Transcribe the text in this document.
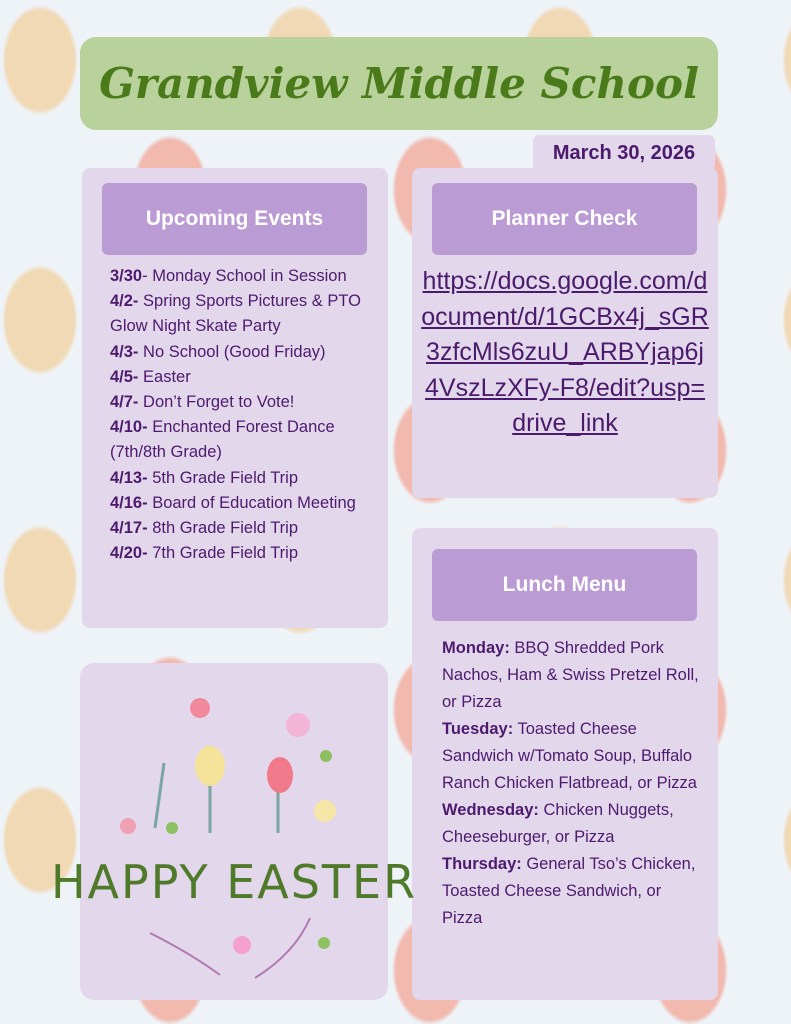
Grandview Middle School
March 30, 2026
Upcoming Events
3/30- Monday School in Session
4/2- Spring Sports Pictures & PTO Glow Night Skate Party
4/3- No School (Good Friday)
4/5- Easter
4/7- Don’t Forget to Vote!
4/10- Enchanted Forest Dance (7th/8th Grade)
4/13- 5th Grade Field Trip
4/16- Board of Education Meeting
4/17- 8th Grade Field Trip
4/20- 7th Grade Field Trip
Planner Check
https://docs.google.com/document/d/1GCBx4j_sGR3zfcMls6zuU_ARBYjap6j4VszLzXFy-F8/edit?usp=drive_link
Lunch Menu
Monday: BBQ Shredded Pork Nachos, Ham & Swiss Pretzel Roll, or Pizza
Tuesday: Toasted Cheese Sandwich w/Tomato Soup, Buffalo Ranch Chicken Flatbread, or Pizza
Wednesday: Chicken Nuggets, Cheeseburger, or Pizza
Thursday: General Tso’s Chicken, Toasted Cheese Sandwich, or Pizza
HAPPY EASTER
